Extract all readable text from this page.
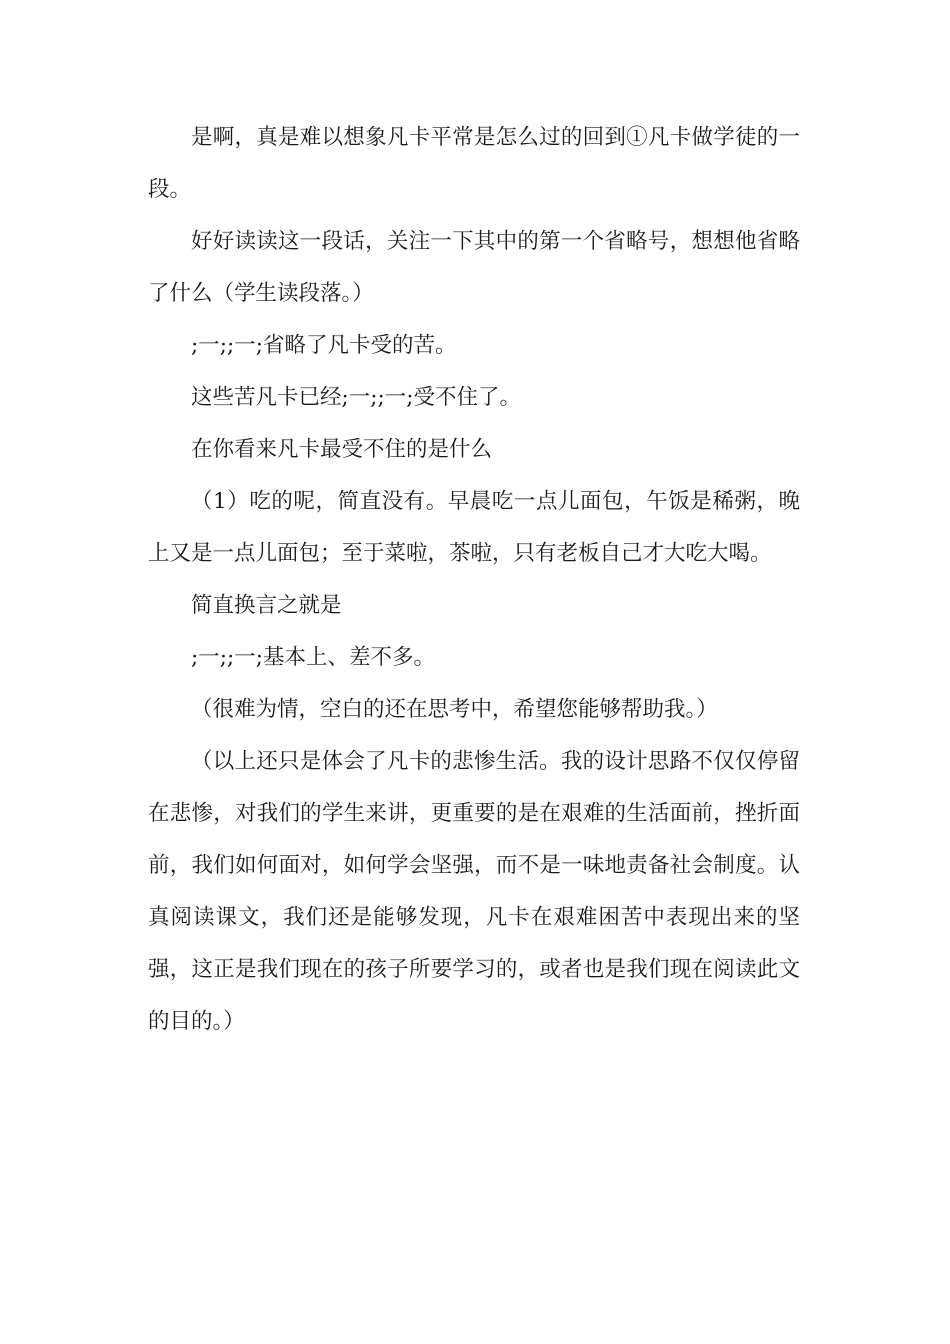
是啊，真是难以想象凡卡平常是怎么过的回到①凡卡做学徒的一段。

好好读读这一段话，关注一下其中的第一个省略号，想想他省略了什么（学生读段落。）

;一;;一;省略了凡卡受的苦。

这些苦凡卡已经;一;;一;受不住了。

在你看来凡卡最受不住的是什么

（1）吃的呢，简直没有。早晨吃一点儿面包，午饭是稀粥，晚上又是一点儿面包；至于菜啦，茶啦，只有老板自己才大吃大喝。

简直换言之就是

;一;;一;基本上、差不多。

（很难为情，空白的还在思考中，希望您能够帮助我。）

（以上还只是体会了凡卡的悲惨生活。我的设计思路不仅仅停留在悲惨，对我们的学生来讲，更重要的是在艰难的生活面前，挫折面前，我们如何面对，如何学会坚强，而不是一味地责备社会制度。认真阅读课文，我们还是能够发现，凡卡在艰难困苦中表现出来的坚强，这正是我们现在的孩子所要学习的，或者也是我们现在阅读此文的目的。）
